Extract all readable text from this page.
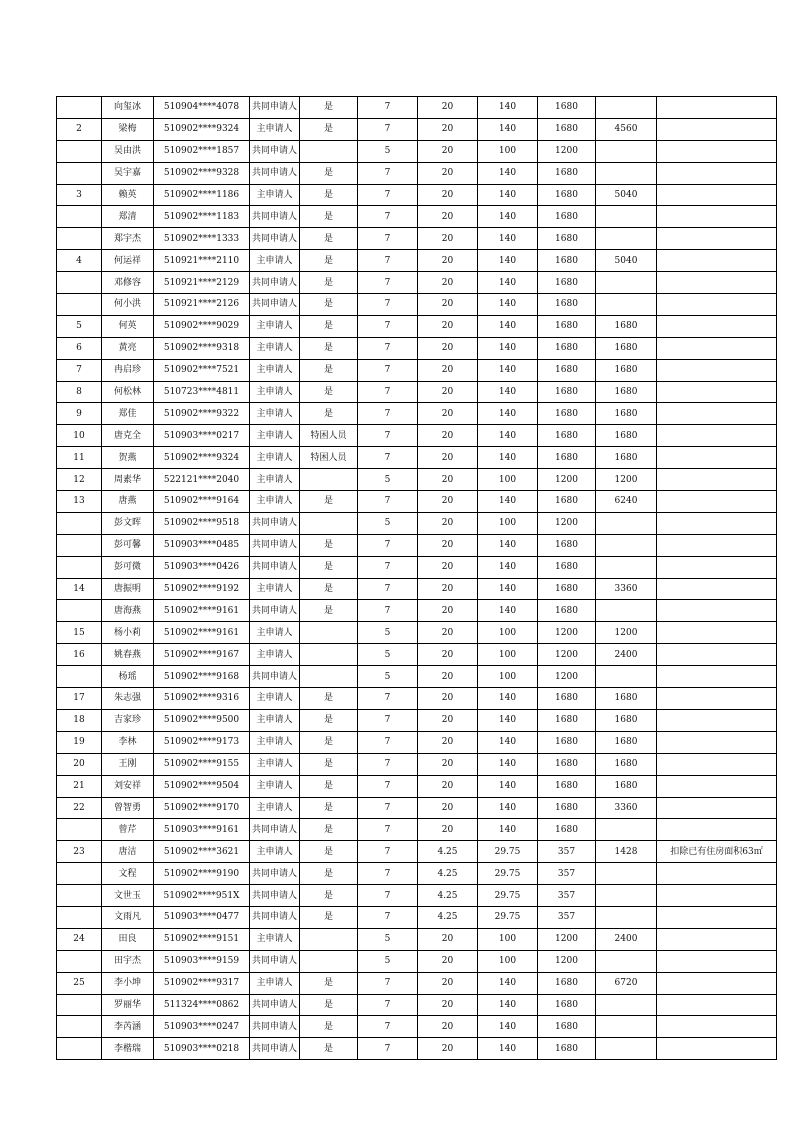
	向玺冰	510904****4078	共同申请人	是	7	20	140	1680		
2	梁梅	510902****9324	主申请人	是	7	20	140	1680	4560	
	吴由洪	510902****1857	共同申请人		5	20	100	1200		
	吴宇嘉	510902****9328	共同申请人	是	7	20	140	1680		
3	赖英	510902****1186	主申请人	是	7	20	140	1680	5040	
	郑清	510902****1183	共同申请人	是	7	20	140	1680		
	郑宇杰	510902****1333	共同申请人	是	7	20	140	1680		
4	何运祥	510921****2110	主申请人	是	7	20	140	1680	5040	
	邓修容	510921****2129	共同申请人	是	7	20	140	1680		
	何小洪	510921****2126	共同申请人	是	7	20	140	1680		
5	何英	510902****9029	主申请人	是	7	20	140	1680	1680	
6	黄亮	510902****9318	主申请人	是	7	20	140	1680	1680	
7	冉启珍	510902****7521	主申请人	是	7	20	140	1680	1680	
8	何松林	510723****4811	主申请人	是	7	20	140	1680	1680	
9	郑佳	510902****9322	主申请人	是	7	20	140	1680	1680	
10	唐克全	510903****0217	主申请人	特困人员	7	20	140	1680	1680	
11	贺燕	510902****9324	主申请人	特困人员	7	20	140	1680	1680	
12	周素华	522121****2040	主申请人		5	20	100	1200	1200	
13	唐燕	510902****9164	主申请人	是	7	20	140	1680	6240	
	彭文晖	510902****9518	共同申请人		5	20	100	1200		
	彭可馨	510903****0485	共同申请人	是	7	20	140	1680		
	彭可微	510903****0426	共同申请人	是	7	20	140	1680		
14	唐振明	510902****9192	主申请人	是	7	20	140	1680	3360	
	唐海燕	510902****9161	共同申请人	是	7	20	140	1680		
15	杨小莉	510902****9161	主申请人		5	20	100	1200	1200	
16	姚春燕	510902****9167	主申请人		5	20	100	1200	2400	
	杨瑶	510902****9168	共同申请人		5	20	100	1200		
17	朱志强	510902****9316	主申请人	是	7	20	140	1680	1680	
18	吉家珍	510902****9500	主申请人	是	7	20	140	1680	1680	
19	李林	510902****9173	主申请人	是	7	20	140	1680	1680	
20	王刚	510902****9155	主申请人	是	7	20	140	1680	1680	
21	刘安祥	510902****9504	主申请人	是	7	20	140	1680	1680	
22	曾智勇	510902****9170	主申请人	是	7	20	140	1680	3360	
	曾芹	510903****9161	共同申请人	是	7	20	140	1680		
23	唐洁	510902****3621	主申请人	是	7	4.25	29.75	357	1428	扣除已有住房面积63㎡
	文程	510902****9190	共同申请人	是	7	4.25	29.75	357		
	文世玉	510902****951X	共同申请人	是	7	4.25	29.75	357		
	文雨凡	510903****0477	共同申请人	是	7	4.25	29.75	357		
24	田良	510902****9151	主申请人		5	20	100	1200	2400	
	田宇杰	510903****9159	共同申请人		5	20	100	1200		
25	李小坤	510902****9317	主申请人	是	7	20	140	1680	6720	
	罗丽华	511324****0862	共同申请人	是	7	20	140	1680		
	李芮涵	510903****0247	共同申请人	是	7	20	140	1680		
	李楷瑞	510903****0218	共同申请人	是	7	20	140	1680		
